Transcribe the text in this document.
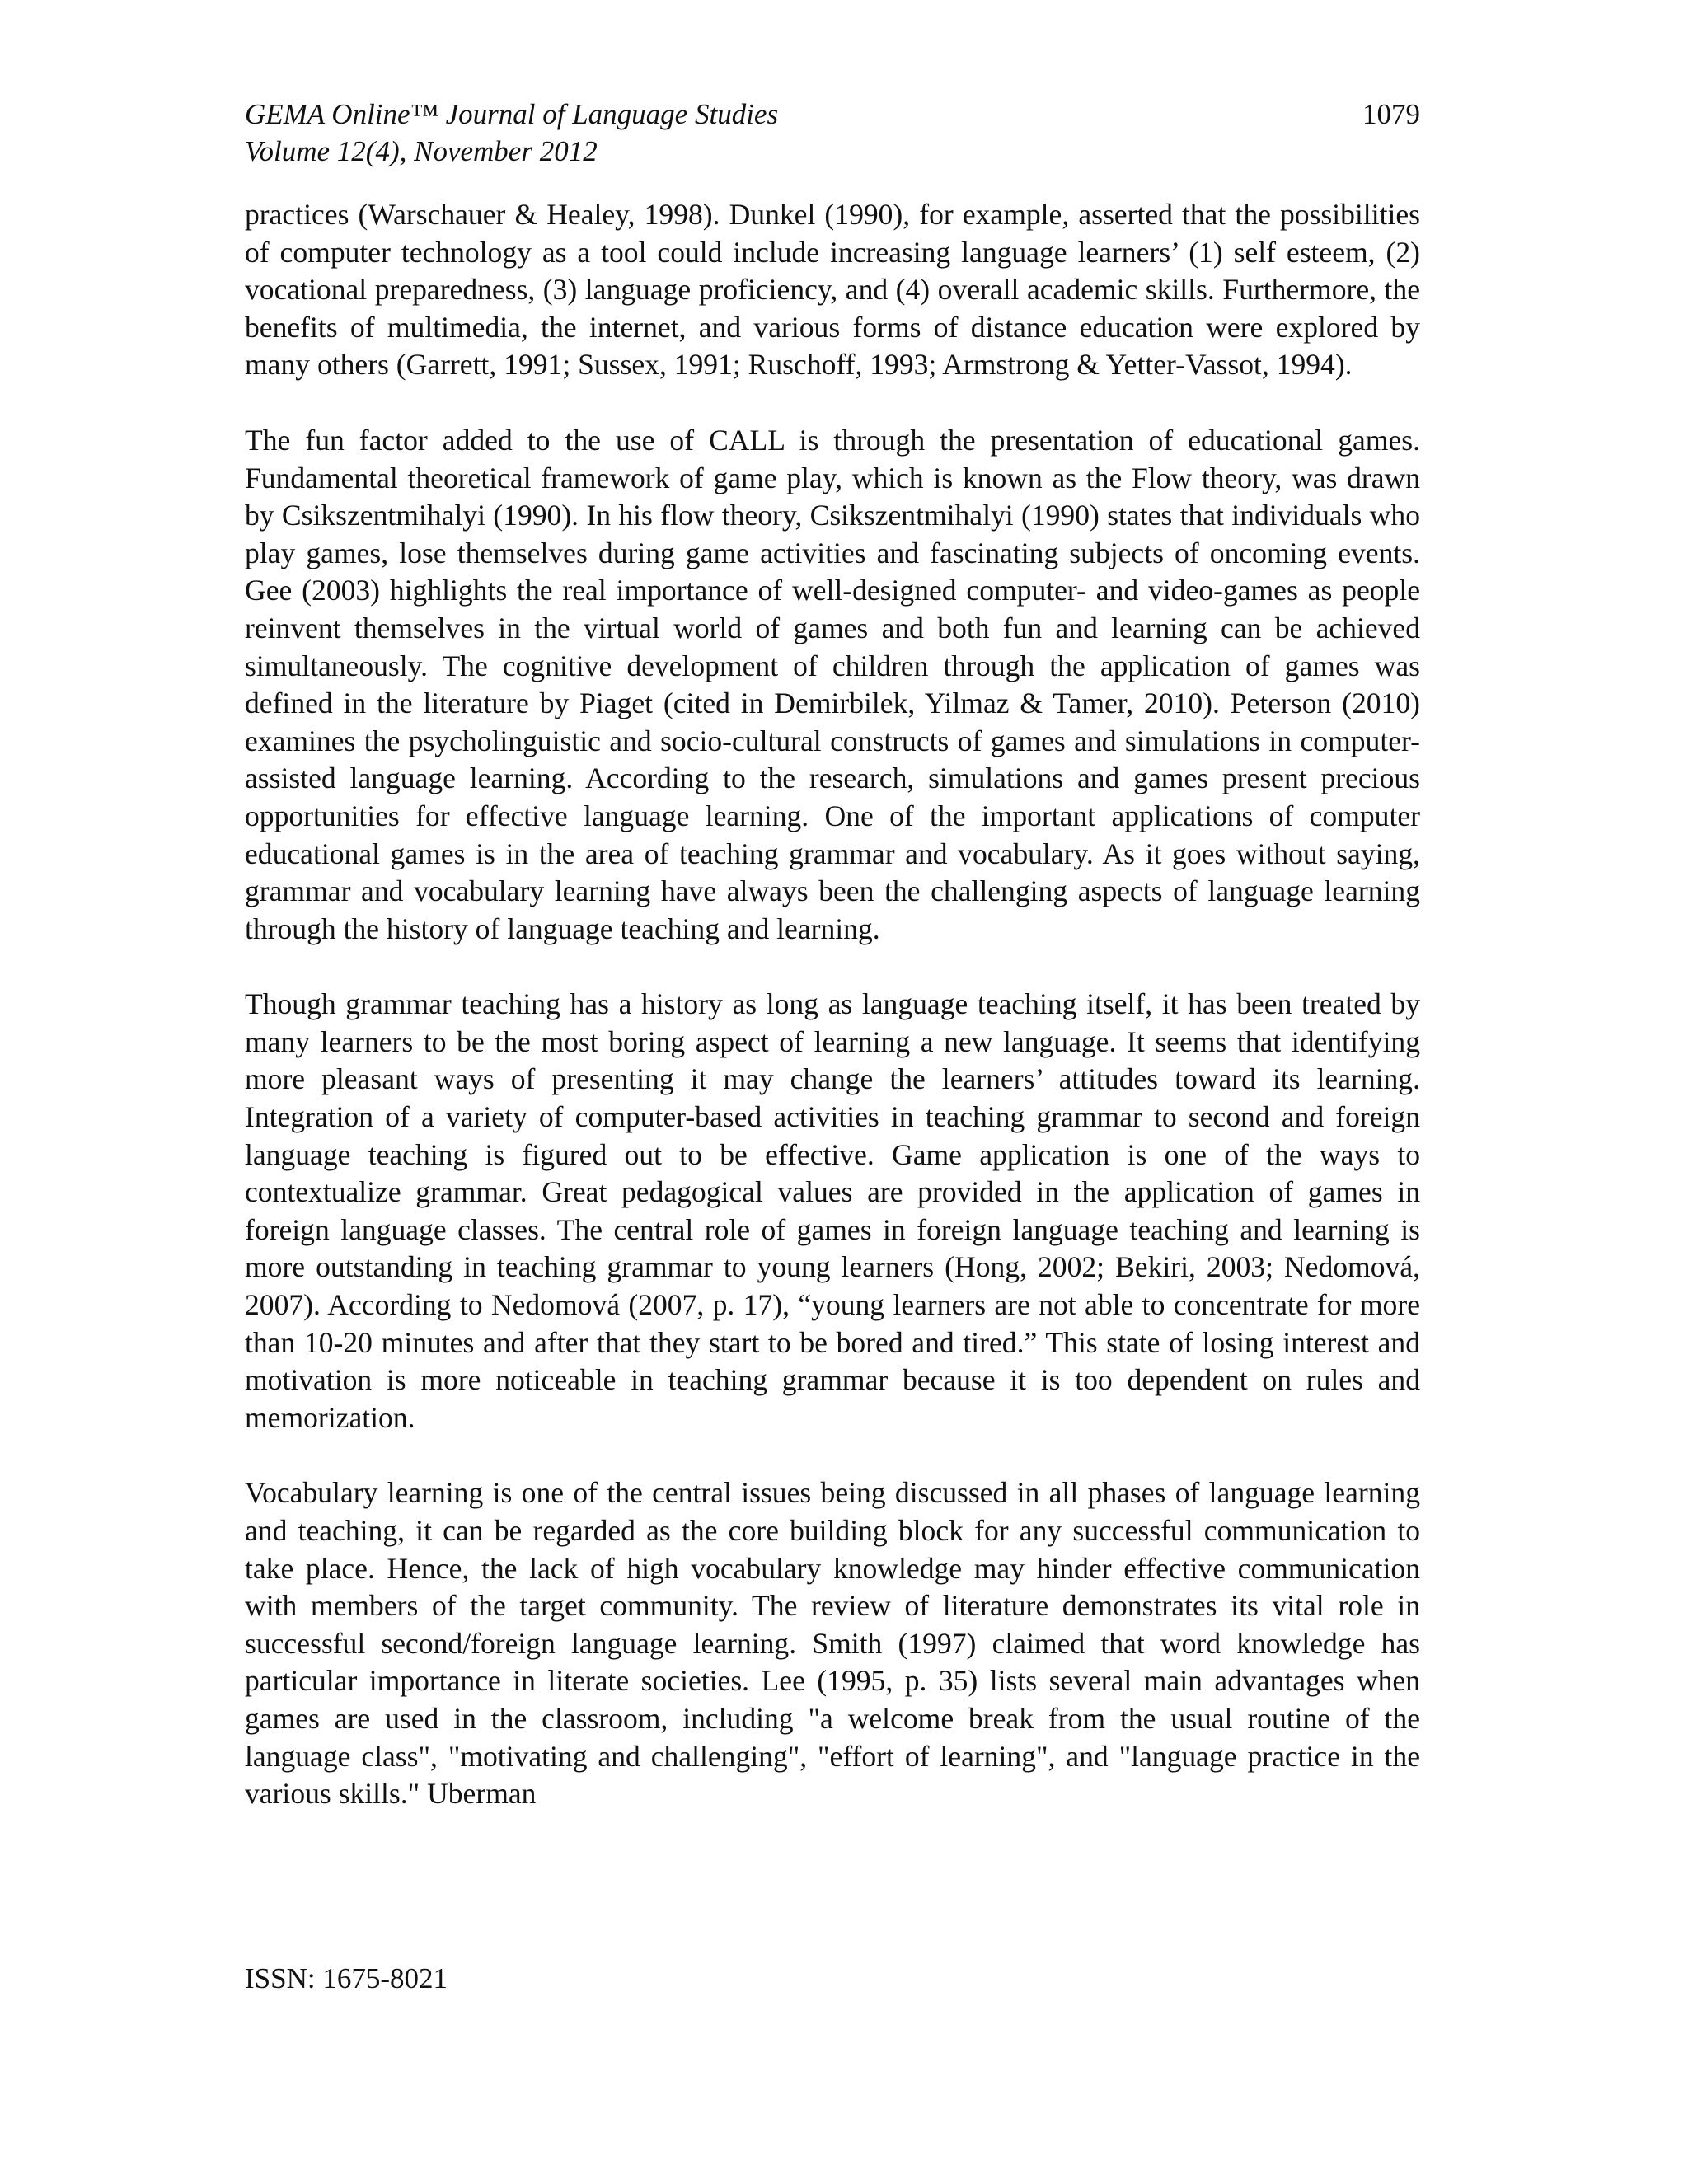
GEMA Online™ Journal of Language Studies
Volume 12(4), November 2012
1079

practices (Warschauer & Healey, 1998). Dunkel (1990), for example, asserted that the possibilities of computer technology as a tool could include increasing language learners’ (1) self esteem, (2) vocational preparedness, (3) language proficiency, and (4) overall academic skills. Furthermore, the benefits of multimedia, the internet, and various forms of distance education were explored by many others (Garrett, 1991; Sussex, 1991; Ruschoff, 1993; Armstrong & Yetter-Vassot, 1994).

The fun factor added to the use of CALL is through the presentation of educational games. Fundamental theoretical framework of game play, which is known as the Flow theory, was drawn by Csikszentmihalyi (1990). In his flow theory, Csikszentmihalyi (1990) states that individuals who play games, lose themselves during game activities and fascinating subjects of oncoming events. Gee (2003) highlights the real importance of well-designed computer- and video-games as people reinvent themselves in the virtual world of games and both fun and learning can be achieved simultaneously. The cognitive development of children through the application of games was defined in the literature by Piaget (cited in Demirbilek, Yilmaz & Tamer, 2010). Peterson (2010) examines the psycholinguistic and socio-cultural constructs of games and simulations in computer-assisted language learning. According to the research, simulations and games present precious opportunities for effective language learning. One of the important applications of computer educational games is in the area of teaching grammar and vocabulary. As it goes without saying, grammar and vocabulary learning have always been the challenging aspects of language learning through the history of language teaching and learning.

Though grammar teaching has a history as long as language teaching itself, it has been treated by many learners to be the most boring aspect of learning a new language. It seems that identifying more pleasant ways of presenting it may change the learners’ attitudes toward its learning. Integration of a variety of computer-based activities in teaching grammar to second and foreign language teaching is figured out to be effective. Game application is one of the ways to contextualize grammar. Great pedagogical values are provided in the application of games in foreign language classes. The central role of games in foreign language teaching and learning is more outstanding in teaching grammar to young learners (Hong, 2002; Bekiri, 2003; Nedomová, 2007). According to Nedomová (2007, p. 17), “young learners are not able to concentrate for more than 10-20 minutes and after that they start to be bored and tired.” This state of losing interest and motivation is more noticeable in teaching grammar because it is too dependent on rules and memorization.

Vocabulary learning is one of the central issues being discussed in all phases of language learning and teaching, it can be regarded as the core building block for any successful communication to take place. Hence, the lack of high vocabulary knowledge may hinder effective communication with members of the target community. The review of literature demonstrates its vital role in successful second/foreign language learning. Smith (1997) claimed that word knowledge has particular importance in literate societies. Lee (1995, p. 35) lists several main advantages when games are used in the classroom, including "a welcome break from the usual routine of the language class", "motivating and challenging", "effort of learning", and "language practice in the various skills." Uberman

ISSN: 1675-8021
